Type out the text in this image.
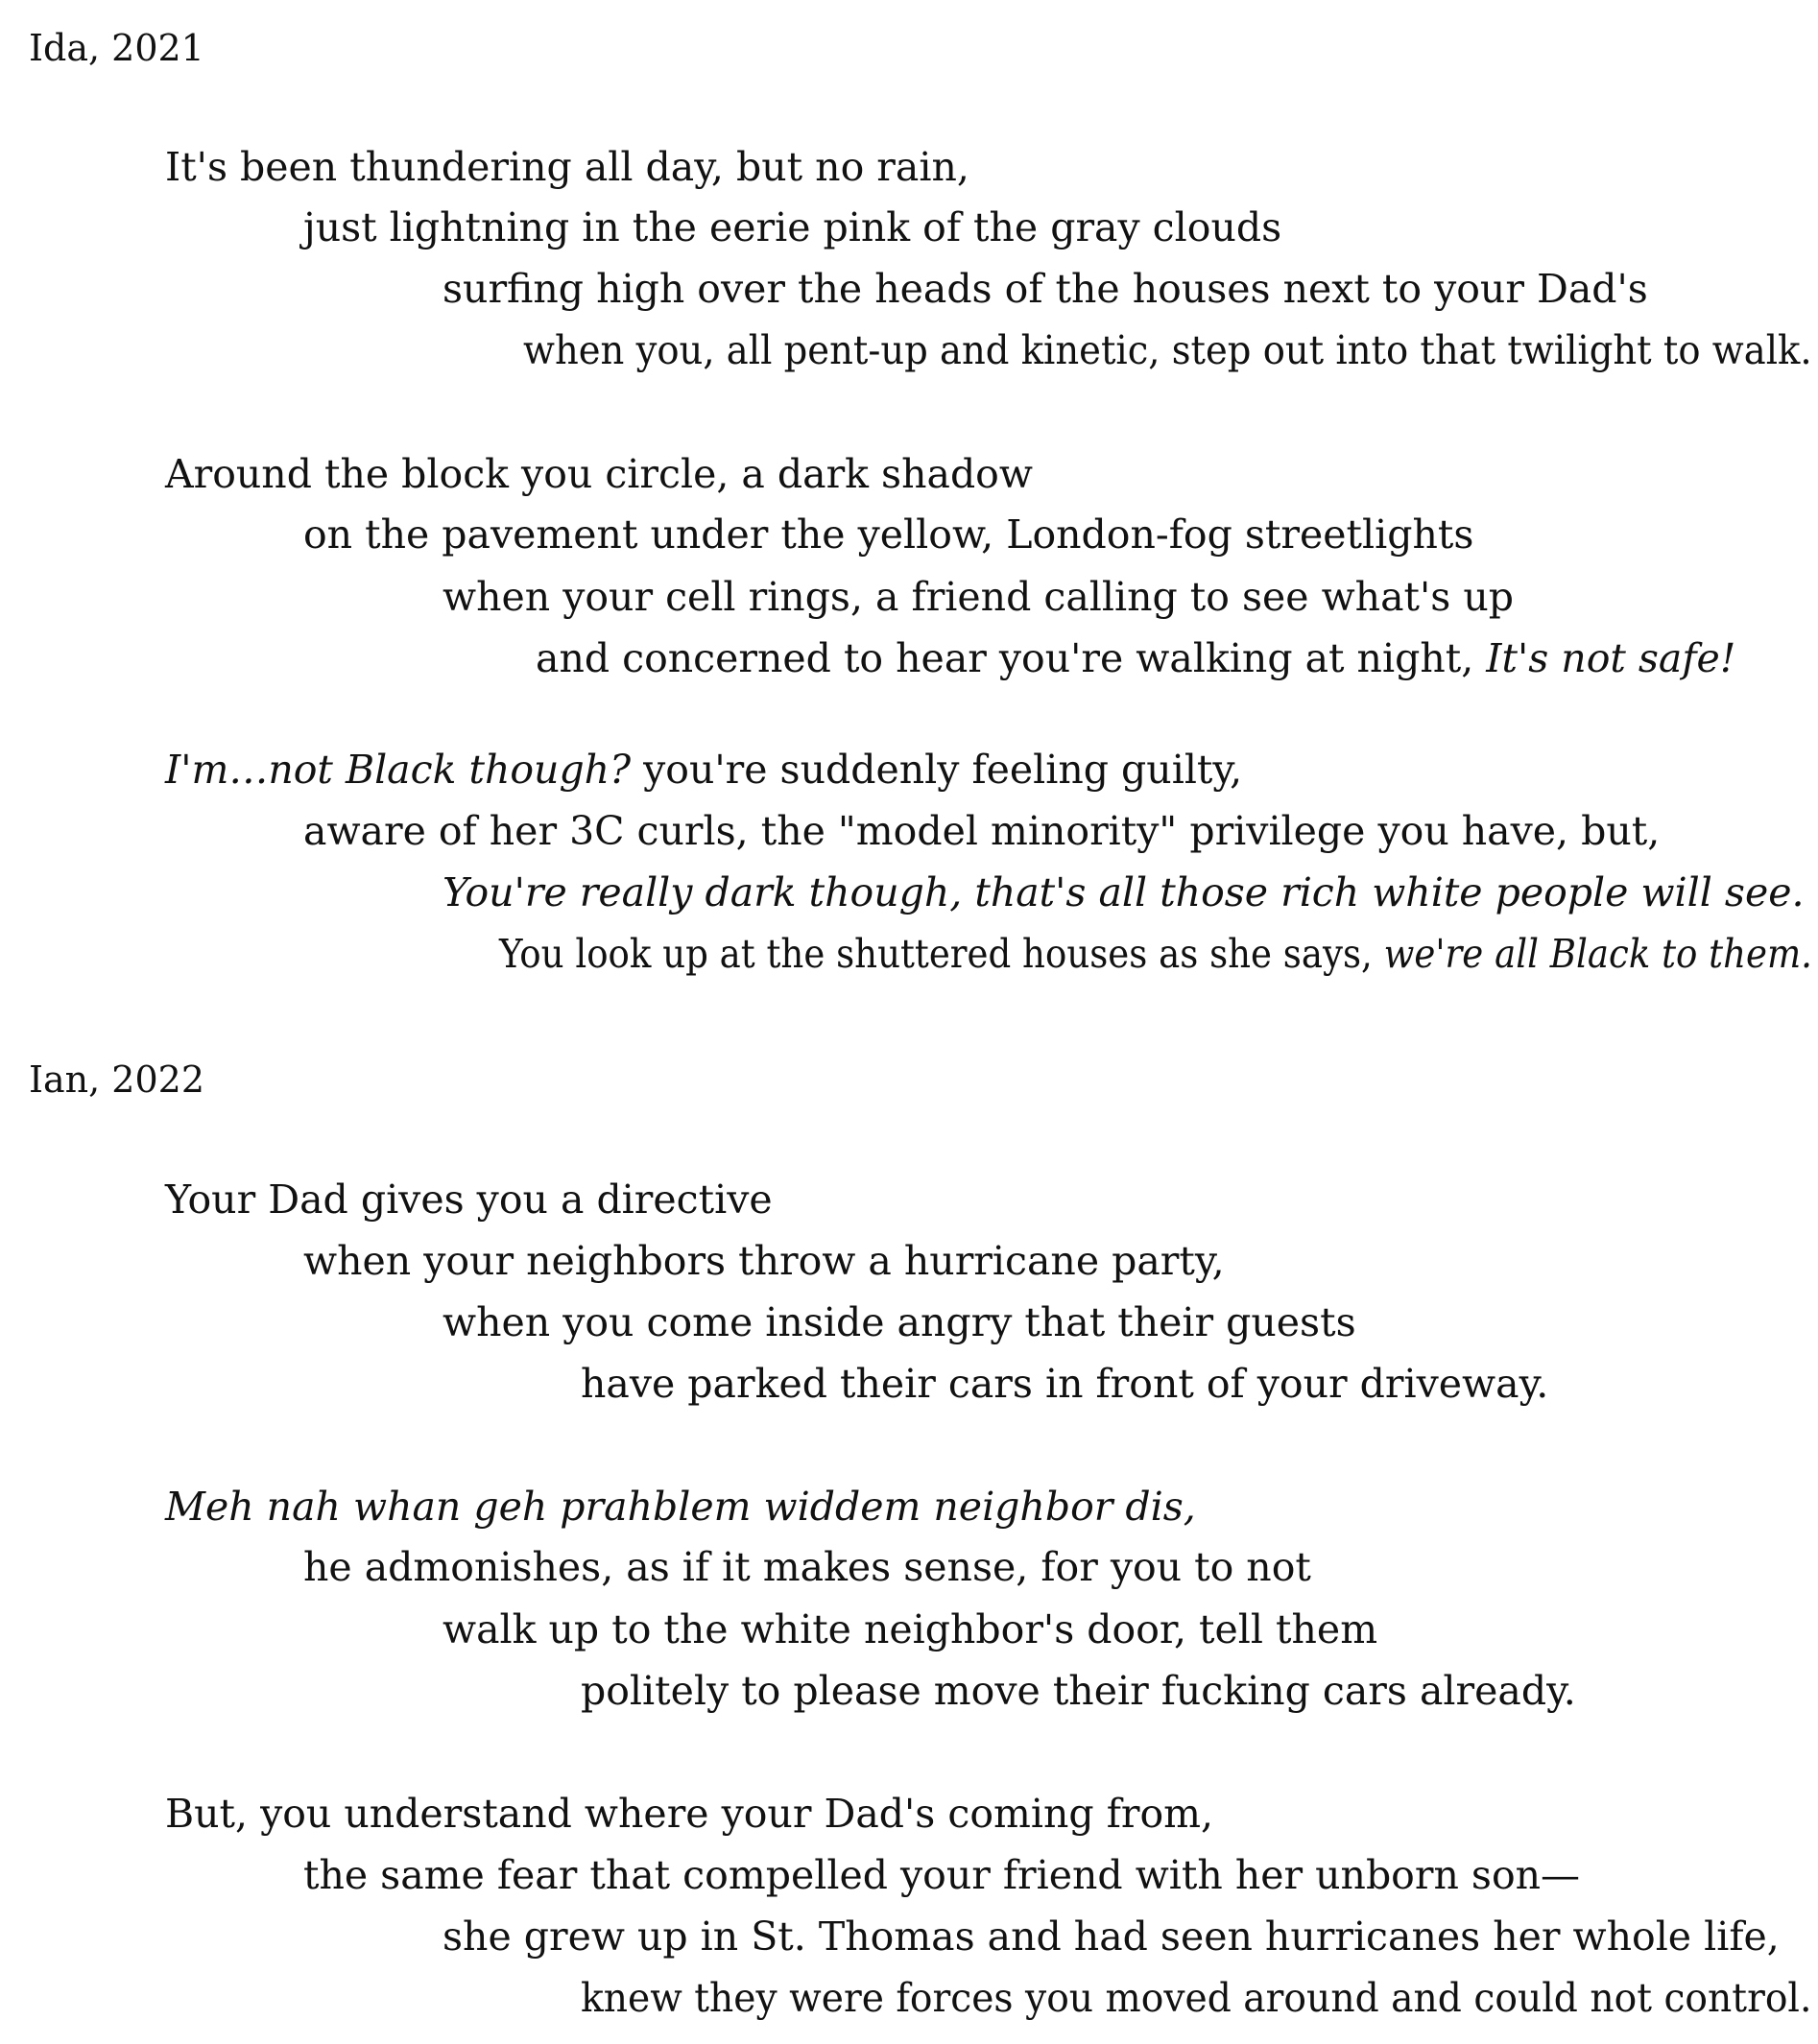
Ida, 2021
It's been thundering all day, but no rain,
just lightning in the eerie pink of the gray clouds
surfing high over the heads of the houses next to your Dad's
when you, all pent-up and kinetic, step out into that twilight to walk.
Around the block you circle, a dark shadow
on the pavement under the yellow, London-fog streetlights
when your cell rings, a friend calling to see what's up
and concerned to hear you're walking at night, It's not safe!
I'm…not Black though? you're suddenly feeling guilty,
aware of her 3C curls, the "model minority" privilege you have, but,
You're really dark though, that's all those rich white people will see.
You look up at the shuttered houses as she says, we're all Black to them.
Ian, 2022
Your Dad gives you a directive
when your neighbors throw a hurricane party,
when you come inside angry that their guests
have parked their cars in front of your driveway.
Meh nah whan geh prahblem widdem neighbor dis,
he admonishes, as if it makes sense, for you to not
walk up to the white neighbor's door, tell them
politely to please move their fucking cars already.
But, you understand where your Dad's coming from,
the same fear that compelled your friend with her unborn son—
she grew up in St. Thomas and had seen hurricanes her whole life,
knew they were forces you moved around and could not control.
